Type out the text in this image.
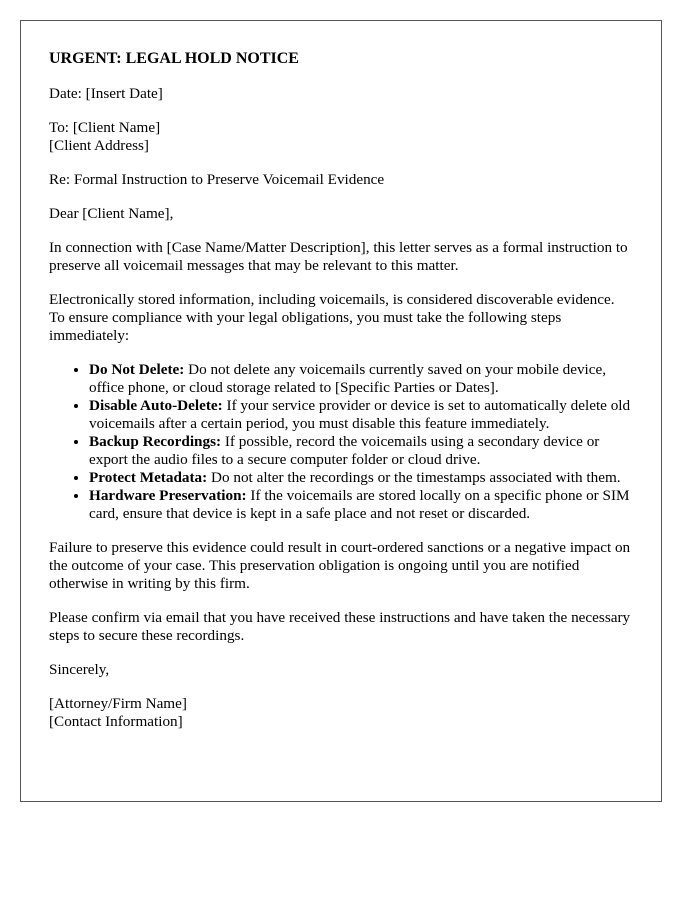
URGENT: LEGAL HOLD NOTICE
Date: [Insert Date]
To: [Client Name]
[Client Address]
Re: Formal Instruction to Preserve Voicemail Evidence
Dear [Client Name],
In connection with [Case Name/Matter Description], this letter serves as a formal instruction to preserve all voicemail messages that may be relevant to this matter.
Electronically stored information, including voicemails, is considered discoverable evidence. To ensure compliance with your legal obligations, you must take the following steps immediately:
• Do Not Delete: Do not delete any voicemails currently saved on your mobile device, office phone, or cloud storage related to [Specific Parties or Dates].
• Disable Auto-Delete: If your service provider or device is set to automatically delete old voicemails after a certain period, you must disable this feature immediately.
• Backup Recordings: If possible, record the voicemails using a secondary device or export the audio files to a secure computer folder or cloud drive.
• Protect Metadata: Do not alter the recordings or the timestamps associated with them.
• Hardware Preservation: If the voicemails are stored locally on a specific phone or SIM card, ensure that device is kept in a safe place and not reset or discarded.
Failure to preserve this evidence could result in court-ordered sanctions or a negative impact on the outcome of your case. This preservation obligation is ongoing until you are notified otherwise in writing by this firm.
Please confirm via email that you have received these instructions and have taken the necessary steps to secure these recordings.
Sincerely,
[Attorney/Firm Name]
[Contact Information]
